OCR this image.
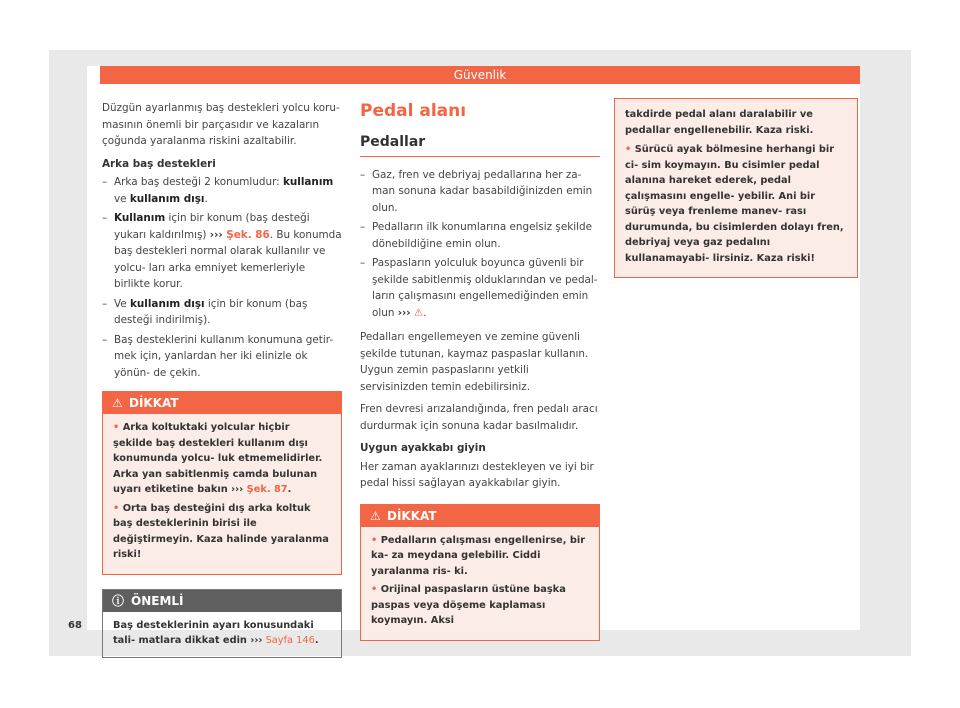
Güvenlik

Düzgün ayarlanmış baş destekleri yolcu koru- masının önemli bir parçasıdır ve kazaların çoğunda yaralanma riskini azaltabilir.

Arka baş destekleri
– Arka baş desteği 2 konumludur: kullanım ve kullanım dışı.
– Kullanım için bir konum (baş desteği yukarı kaldırılmış) ››› Şek. 86. Bu konumda baş destekleri normal olarak kullanılır ve yolcu- ları arka emniyet kemerleriyle birlikte korur.
– Ve kullanım dışı için bir konum (baş desteği indirilmiş).
– Baş desteklerini kullanım konumuna getir- mek için, yanlardan her iki elinizle ok yönün- de çekin.
⚠ DİKKAT
• Arka koltuktaki yolcular hiçbir şekilde baş destekleri kullanım dışı konumunda yolcu- luk etmemelidirler. Arka yan sabitlenmiş camda bulunan uyarı etiketine bakın ››› Şek. 87.
• Orta baş desteğini dış arka koltuk baş desteklerinin birisi ile değiştirmeyin. Kaza halinde yaralanma riski!
ⓘ ÖNEMLİ
Baş desteklerinin ayarı konusundaki tali- matlara dikkat edin ››› Sayfa 146.
Pedal alanı
Pedallar
– Gaz, fren ve debriyaj pedallarına her za- man sonuna kadar basabildiğinizden emin olun.
– Pedalların ilk konumlarına engelsiz şekilde dönebildiğine emin olun.
– Paspasların yolculuk boyunca güvenli bir şekilde sabitlenmiş olduklarından ve pedal- ların çalışmasını engellemediğinden emin olun ››› ⚠.

Pedalları engellemeyen ve zemine güvenli şekilde tutunan, kaymaz paspaslar kullanın. Uygun zemin paspaslarını yetkili servisinizden temin edebilirsiniz.

Fren devresi arızalandığında, fren pedalı aracı durdurmak için sonuna kadar basılmalıdır.

Uygun ayakkabı giyin

Her zaman ayaklarınızı destekleyen ve iyi bir pedal hissi sağlayan ayakkabılar giyin.

⚠ DİKKAT
• Pedalların çalışması engellenirse, bir ka- za meydana gelebilir. Ciddi yaralanma ris- ki.
• Orijinal paspasların üstüne başka paspas veya döşeme kaplaması koymayın. Aksi
takdirde pedal alanı daralabilir ve pedallar engellenebilir. Kaza riski.
• Sürücü ayak bölmesine herhangi bir ci- sim koymayın. Bu cisimler pedal alanına hareket ederek, pedal çalışmasını engelle- yebilir. Ani bir sürüş veya frenleme manev- rası durumunda, bu cisimlerden dolayı fren, debriyaj veya gaz pedalını kullanamayabi- lirsiniz. Kaza riski!
68
